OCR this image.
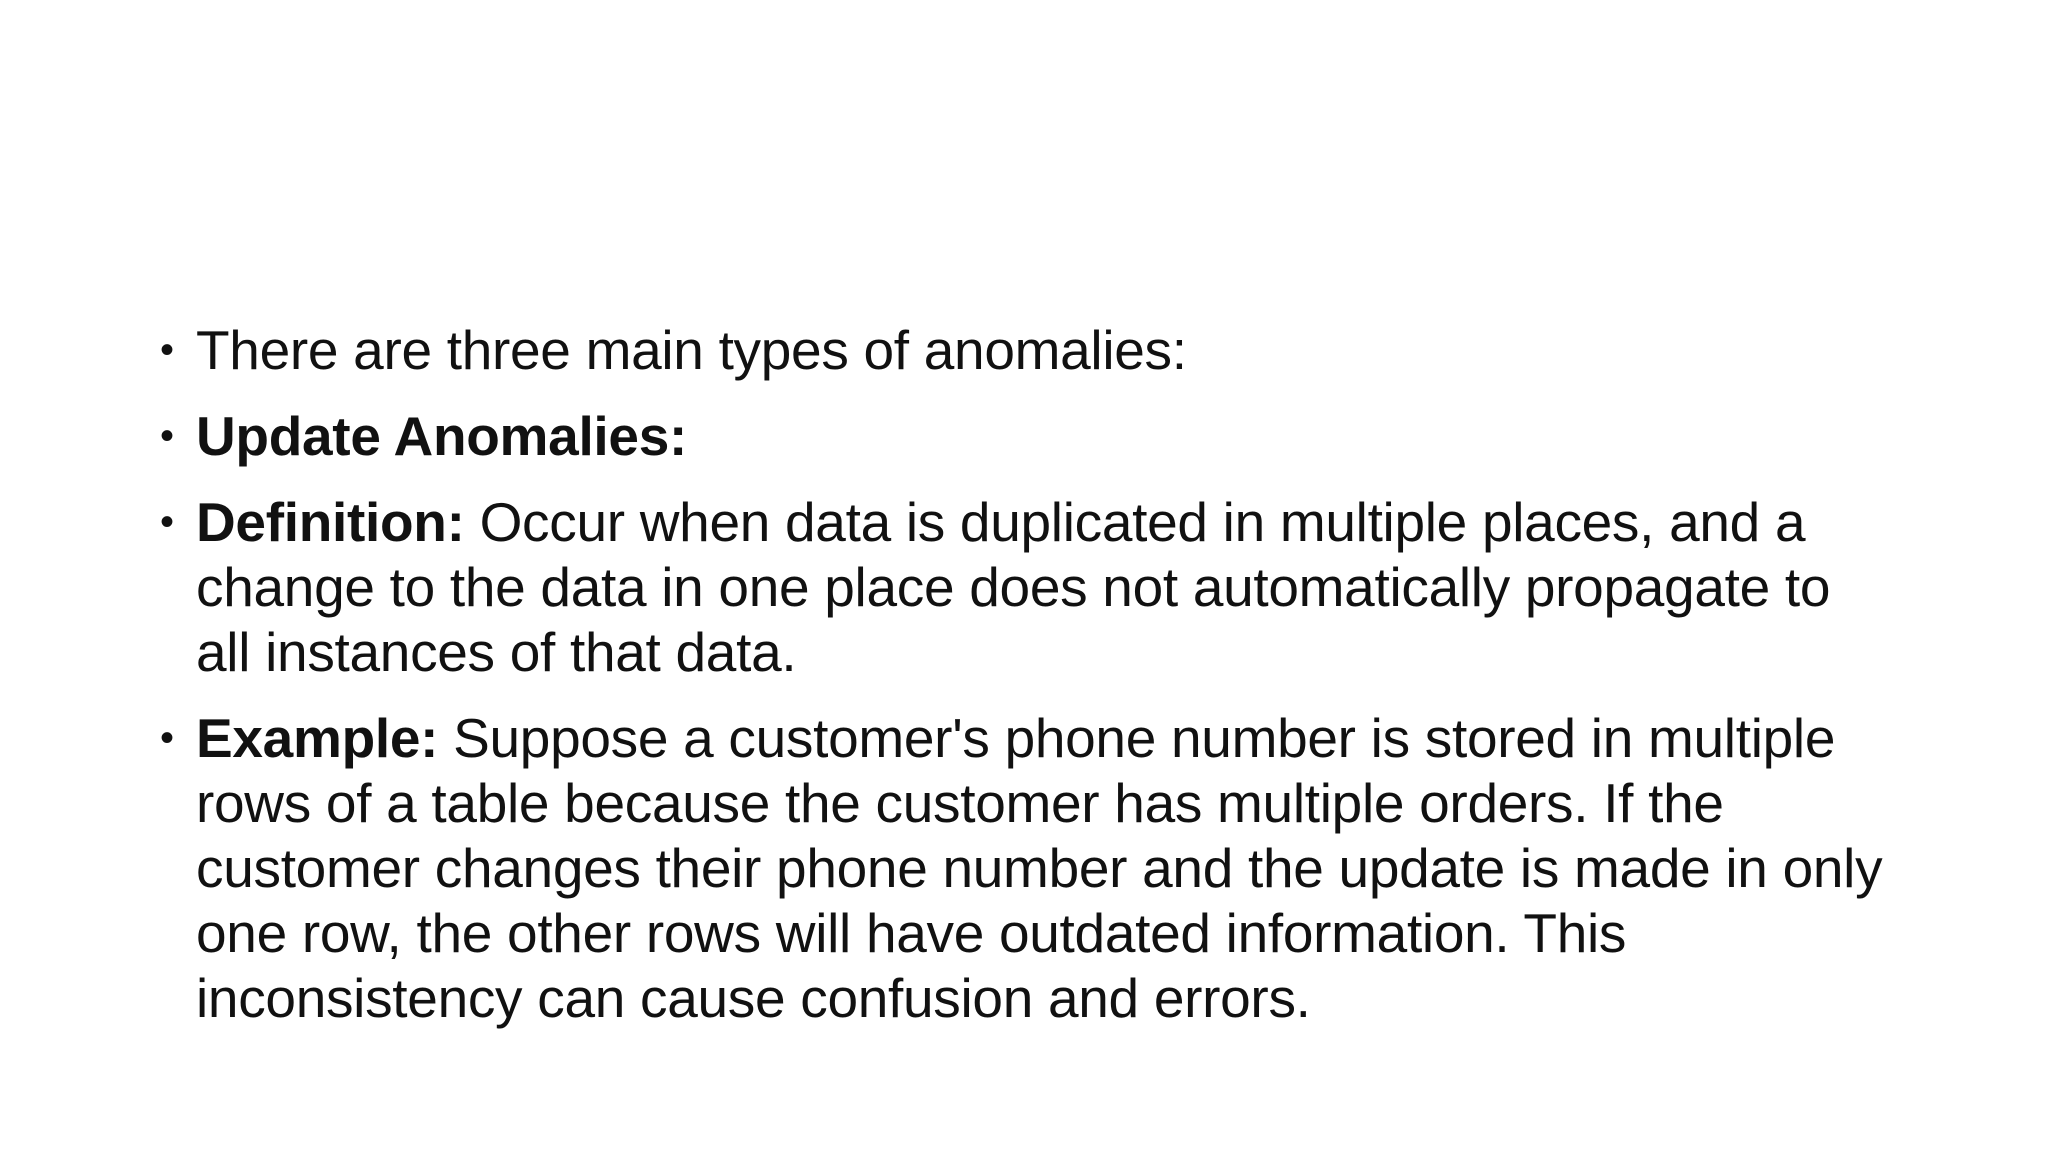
• There are three main types of anomalies:
• Update Anomalies:
• Definition: Occur when data is duplicated in multiple places, and a change to the data in one place does not automatically propagate to all instances of that data.
• Example: Suppose a customer's phone number is stored in multiple rows of a table because the customer has multiple orders. If the customer changes their phone number and the update is made in only one row, the other rows will have outdated information. This inconsistency can cause confusion and errors.
